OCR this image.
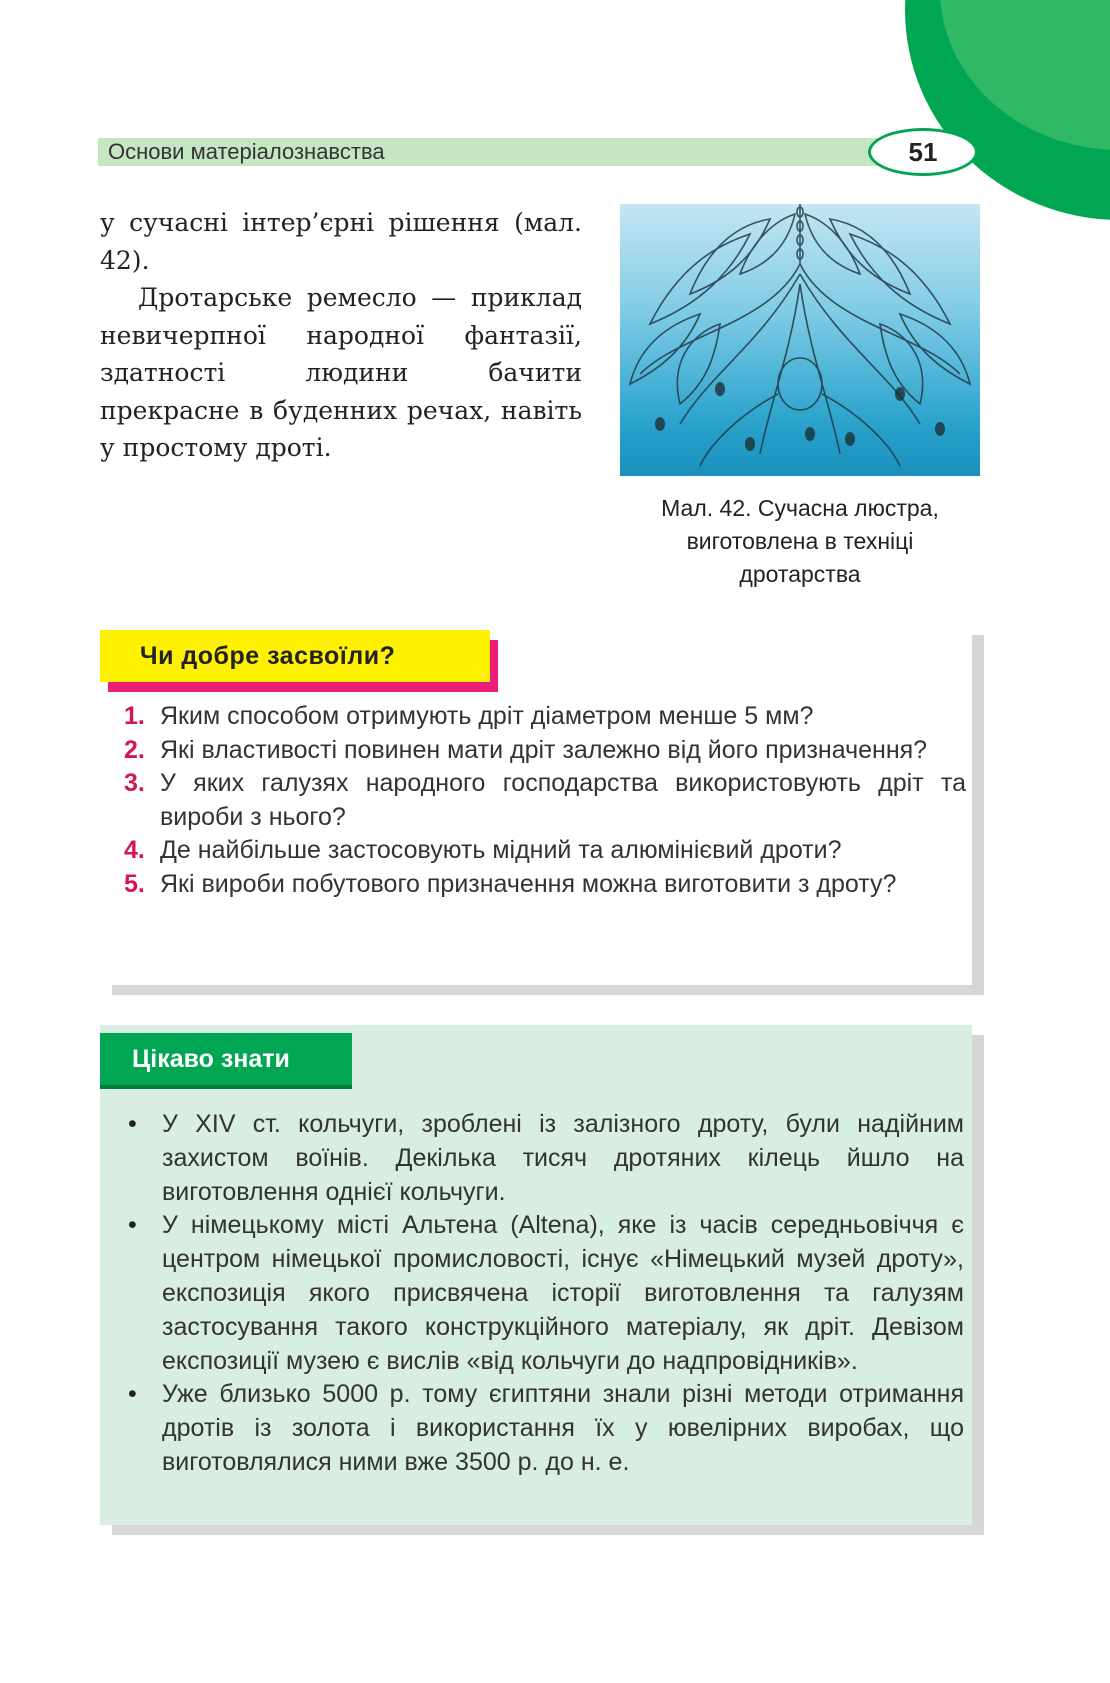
Основи матеріалознавства	51

у сучасні інтер’єрні рішення (мал. 42).

Дротарське ремесло — приклад невичерпної народної фантазії, здатності людини бачити прекрасне в буденних речах, навіть у простому дроті.

Мал. 42. Сучасна люстра,
виготовлена в техніці
дротарства
Чи добре засвоїли?
1. Яким способом отримують дріт діаметром менше 5 мм?
2. Які властивості повинен мати дріт залежно від його призначення?
3. У яких галузях народного господарства використовують дріт та вироби з нього?
4. Де найбільше застосовують мідний та алюмінієвий дроти?
5. Які вироби побутового призначення можна виготовити з дроту?
Цікаво знати
• У XIV ст. кольчуги, зроблені із залізного дроту, були надійним захистом воїнів. Декілька тисяч дротяних кілець йшло на виготовлення однієї кольчуги.
• У німецькому місті Альтена (Altena), яке із часів середньовіччя є центром німецької промисловості, існує «Німецький музей дроту», експозиція якого присвячена історії виготовлення та галузям застосування такого конструкційного матеріалу, як дріт. Девізом експозиції музею є вислів «від кольчуги до надпровідників».
• Уже близько 5000 р. тому єгиптяни знали різні методи отримання дротів із золота і використання їх у ювелірних виробах, що виготовлялися ними вже 3500 р. до н. е.
